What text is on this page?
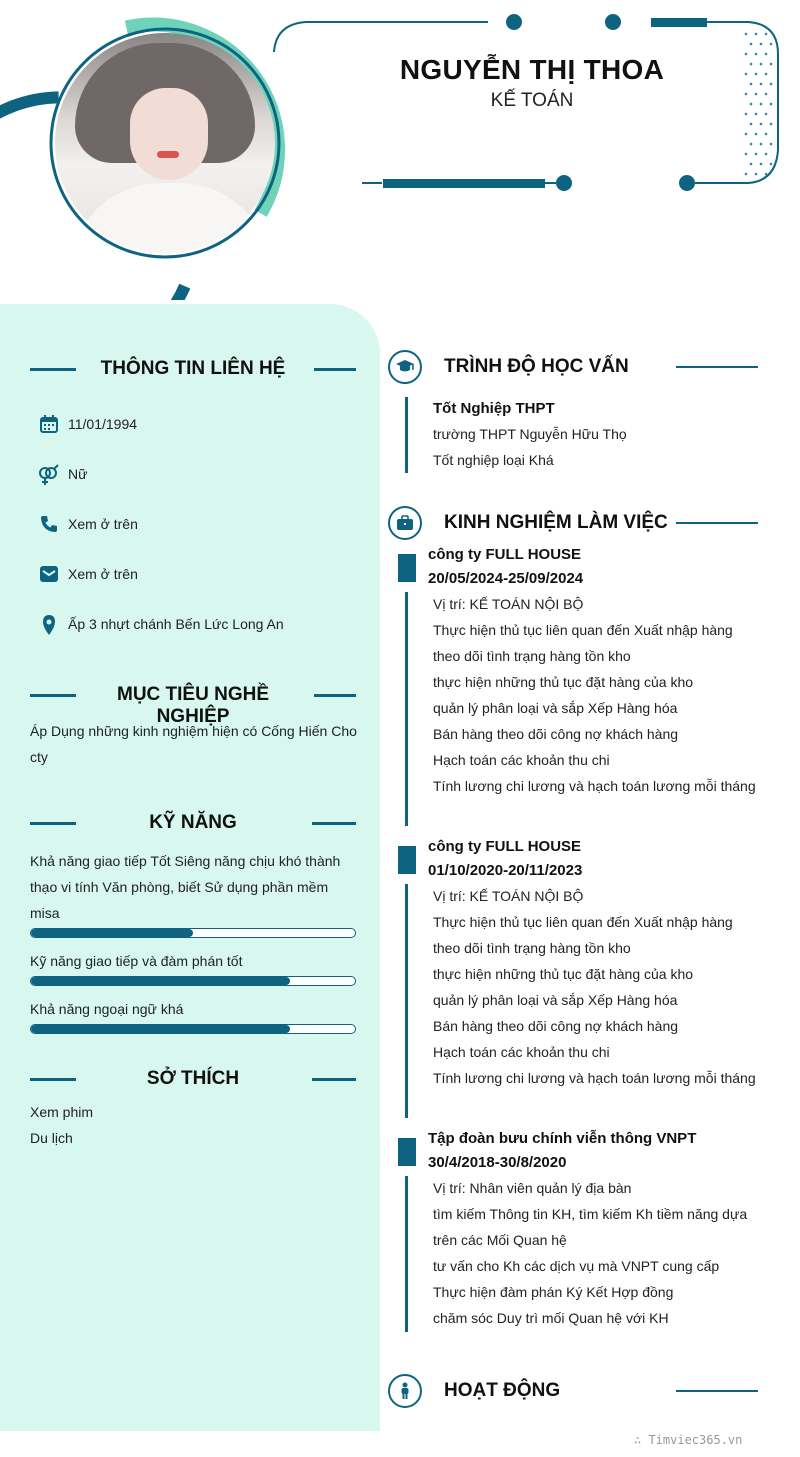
NGUYỄN THỊ THOA
KẾ TOÁN
THÔNG TIN LIÊN HỆ
11/01/1994
Nữ
Xem ở trên
Xem ở trên
Ấp 3 nhựt chánh Bến Lức Long An
MỤC TIÊU NGHỀ NGHIỆP
Áp Dụng những kinh nghiệm hiện có Cống Hiến Cho
cty
KỸ NĂNG
Khả năng giao tiếp Tốt Siêng năng chịu khó thành
thạo vi tính Văn phòng, biết Sử dụng phần mềm
misa
Kỹ năng giao tiếp và đàm phán tốt
Khả năng ngoại ngữ khá
SỞ THÍCH
Xem phim
Du lịch
TRÌNH ĐỘ HỌC VẤN
Tốt Nghiệp THPT
trường THPT Nguyễn Hữu Thọ
Tốt nghiệp loại Khá
KINH NGHIỆM LÀM VIỆC
công ty FULL HOUSE
20/05/2024-25/09/2024
Vị trí: KẾ TOÁN NỘI BỘ
Thực hiện thủ tục liên quan đến Xuất nhập hàng
theo dõi tình trạng hàng tồn kho
thực hiện những thủ tục đặt hàng của kho
quản lý phân loại và sắp Xếp Hàng hóa
Bán hàng theo dõi công nợ khách hàng
Hạch toán các khoản thu chi
Tính lương chi lương và hạch toán lương mỗi tháng
công ty FULL HOUSE
01/10/2020-20/11/2023
Vị trí: KẾ TOÁN NỘI BỘ
Thực hiện thủ tục liên quan đến Xuất nhập hàng
theo dõi tình trạng hàng tồn kho
thực hiện những thủ tục đặt hàng của kho
quản lý phân loại và sắp Xếp Hàng hóa
Bán hàng theo dõi công nợ khách hàng
Hạch toán các khoản thu chi
Tính lương chi lương và hạch toán lương mỗi tháng
Tập đoàn bưu chính viễn thông VNPT
30/4/2018-30/8/2020
Vị trí: Nhân viên quản lý địa bàn
tìm kiếm Thông tin KH, tìm kiếm Kh tiềm năng dựa
trên các Mối Quan hệ
tư vấn cho Kh các dịch vụ mà VNPT cung cấp
Thực hiện đàm phán Ký Kết Hợp đồng
chăm sóc Duy trì mối Quan hệ với KH
HOẠT ĐỘNG
∴ Timviec365.vn
